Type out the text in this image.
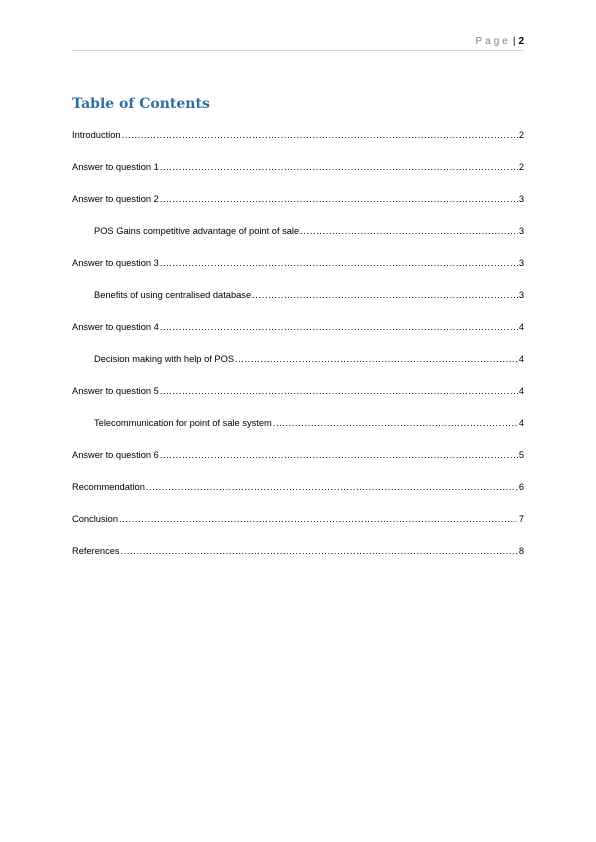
Page | 2
Table of Contents
Introduction .....	2
Answer to question 1 .....	2
Answer to question 2 .....	3
POS Gains competitive advantage of point of sale .....	3
Answer to question 3 .....	3
Benefits of using centralised database .....	3
Answer to question 4 .....	4
Decision making with help of POS .....	4
Answer to question 5 .....	4
Telecommunication for point of sale system .....	4
Answer to question 6 .....	5
Recommendation .....	6
Conclusion .....	7
References .....	8
